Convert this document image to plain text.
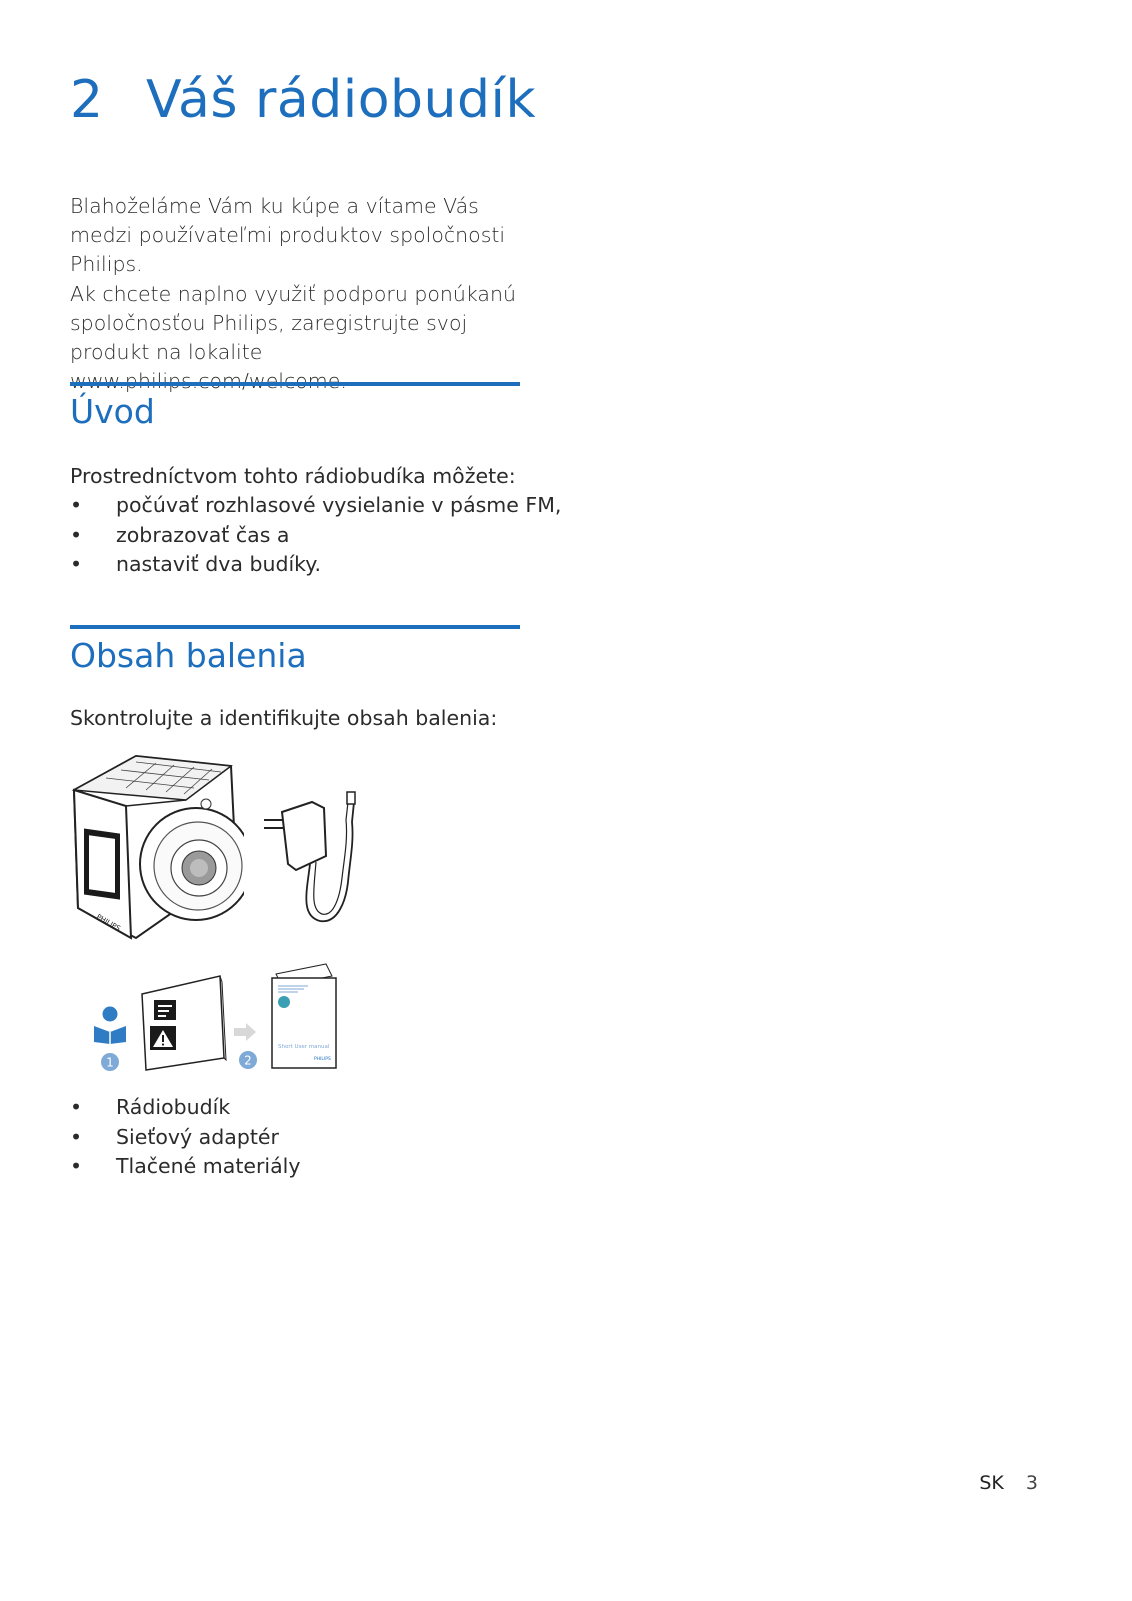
2 Váš rádiobudík

Blahoželáme Vám ku kúpe a vítame Vás medzi používateľmi produktov spoločnosti Philips.

Ak chcete naplno využiť podporu ponúkanú spoločnosťou Philips, zaregistrujte svoj produkt na lokalite

Úvod

Prostredníctvom tohto rádiobudíka môžete:

• počúvať rozhlasové vysielanie v pásme FM,
• zobrazovať čas a
• nastaviť dva budíky.
Obsah balenia

Skontrolujte a identifikujte obsah balenia:

PHILIPS
1	2
Short User manual
PHILIPS
• Rádiobudík
• Sieťový adaptér
• Tlačené materiály
SK 3
